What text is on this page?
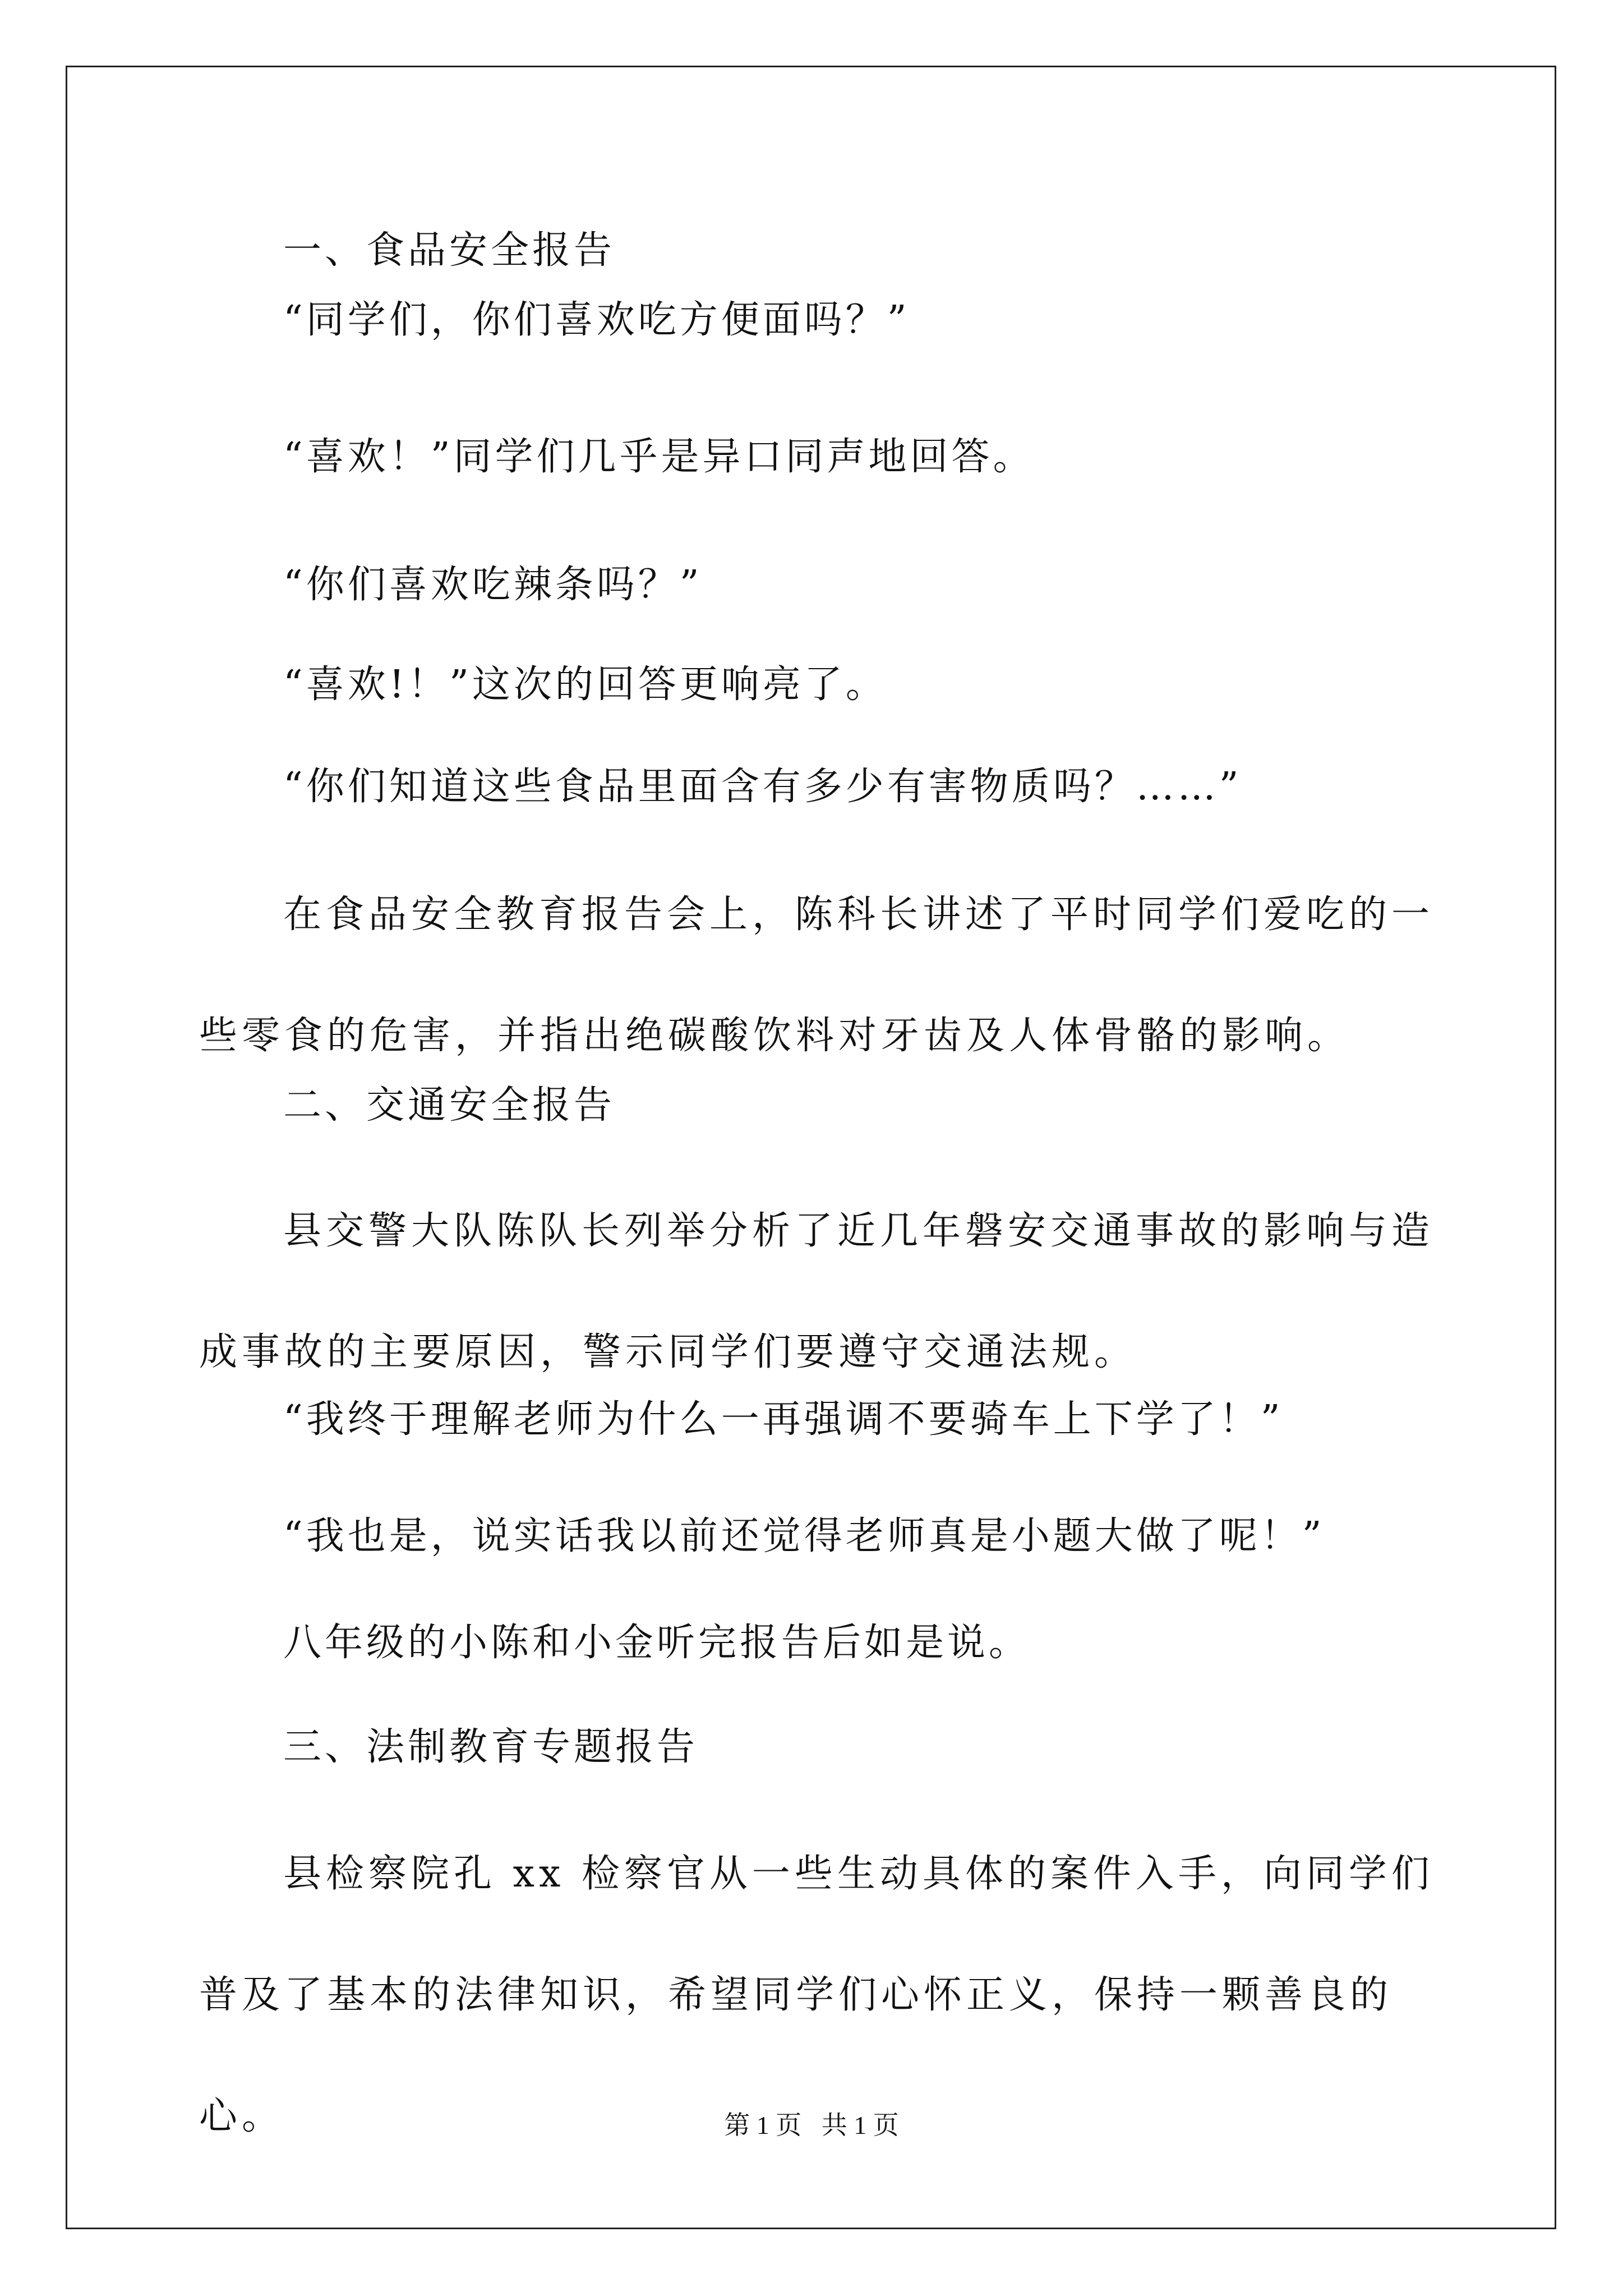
一、食品安全报告

“同学们，你们喜欢吃方便面吗？”

“喜欢！”同学们几乎是异口同声地回答。

“你们喜欢吃辣条吗？”

“喜欢!！”这次的回答更响亮了。

“你们知道这些食品里面含有多少有害物质吗？……”

在食品安全教育报告会上，陈科长讲述了平时同学们爱吃的一些零食的危害，并指出绝碳酸饮料对牙齿及人体骨骼的影响。

二、交通安全报告

县交警大队陈队长列举分析了近几年磐安交通事故的影响与造成事故的主要原因，警示同学们要遵守交通法规。

“我终于理解老师为什么一再强调不要骑车上下学了！”

“我也是，说实话我以前还觉得老师真是小题大做了呢！”

八年级的小陈和小金听完报告后如是说。

三、法制教育专题报告

县检察院孔 xx 检察官从一些生动具体的案件入手，向同学们普及了基本的法律知识，希望同学们心怀正义，保持一颗善良的心。	第 1 页 共 1 页
